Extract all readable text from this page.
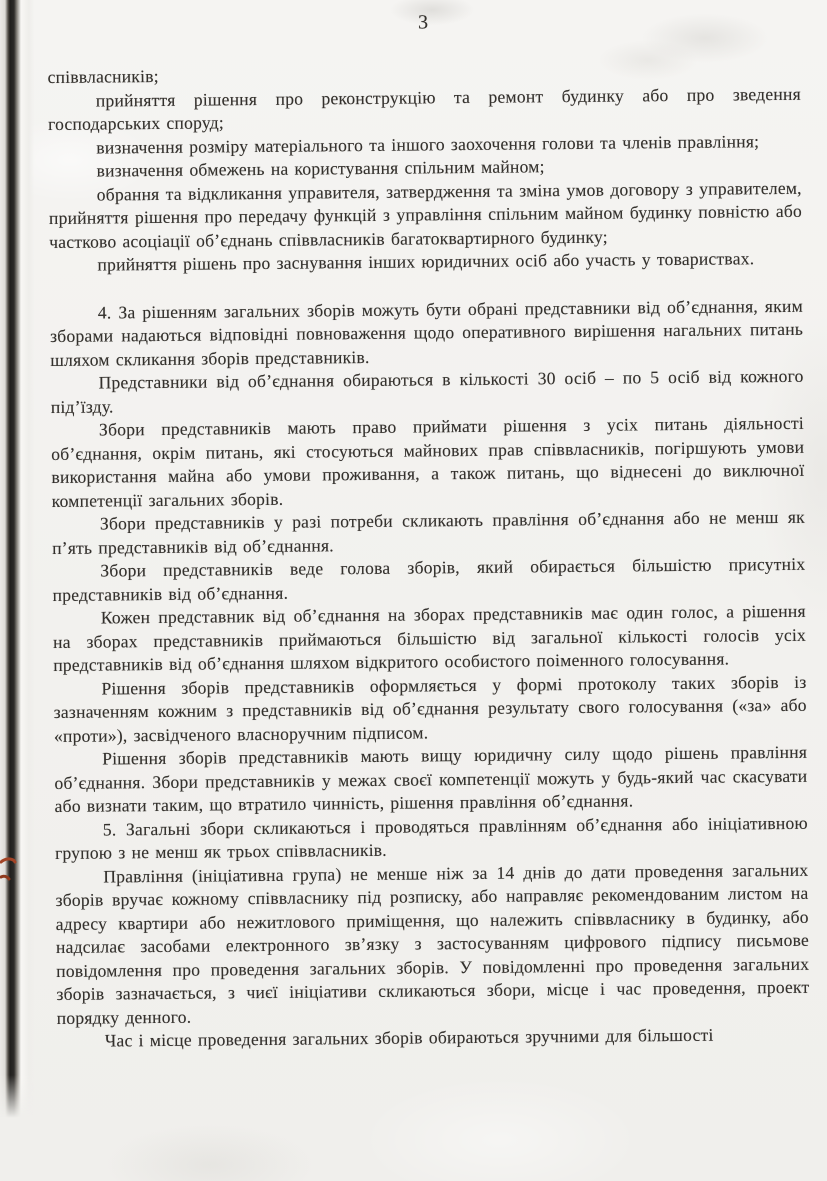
3

співвласників;

прийняття рішення про реконструкцію та ремонт будинку або про зведення господарських споруд;

визначення розміру матеріального та іншого заохочення голови та членів правління;

визначення обмежень на користування спільним майном;

обрання та відкликання управителя, затвердження та зміна умов договору з управителем, прийняття рішення про передачу функцій з управління спільним майном будинку повністю або частково асоціації об’єднань співвласників багатоквартирного будинку;

прийняття рішень про заснування інших юридичних осіб або участь у товариствах.

4. За рішенням загальних зборів можуть бути обрані представники від об’єднання, яким зборами надаються відповідні повноваження щодо оперативного вирішення нагальних питань шляхом скликання зборів представників.

Представники від об’єднання обираються в кількості 30 осіб – по 5 осіб від кожного під’їзду.

Збори представників мають право приймати рішення з усіх питань діяльності об’єднання, окрім питань, які стосуються майнових прав співвласників, погіршують умови використання майна або умови проживання, а також питань, що віднесені до виключної компетенції загальних зборів.

Збори представників у разі потреби скликають правління об’єднання або не менш як п’ять представників від об’єднання.

Збори представників веде голова зборів, який обирається більшістю присутніх представників від об’єднання.

Кожен представник від об’єднання на зборах представників має один голос, а рішення на зборах представників приймаються більшістю від загальної кількості голосів усіх представників від об’єднання шляхом відкритого особистого поіменного голосування.

Рішення зборів представників оформляється у формі протоколу таких зборів із зазначенням кожним з представників від об’єднання результату свого голосування («за» або «проти»), засвідченого власноручним підписом.

Рішення зборів представників мають вищу юридичну силу щодо рішень правління об’єднання. Збори представників у межах своєї компетенції можуть у будь-який час скасувати або визнати таким, що втратило чинність, рішення правління об’єднання.

5. Загальні збори скликаються і проводяться правлінням об’єднання або ініціативною групою з не менш як трьох співвласників.

Правління (ініціативна група) не менше ніж за 14 днів до дати проведення загальних зборів вручає кожному співвласнику під розписку, або направляє рекомендованим листом на адресу квартири або нежитлового приміщення, що належить співвласнику в будинку, або надсилає засобами електронного зв’язку з застосуванням цифрового підпису письмове повідомлення про проведення загальних зборів. У повідомленні про проведення загальних зборів зазначається, з чиєї ініціативи скликаються збори, місце і час проведення, проект порядку денного.

Час і місце проведення загальних зборів обираються зручними для більшості
